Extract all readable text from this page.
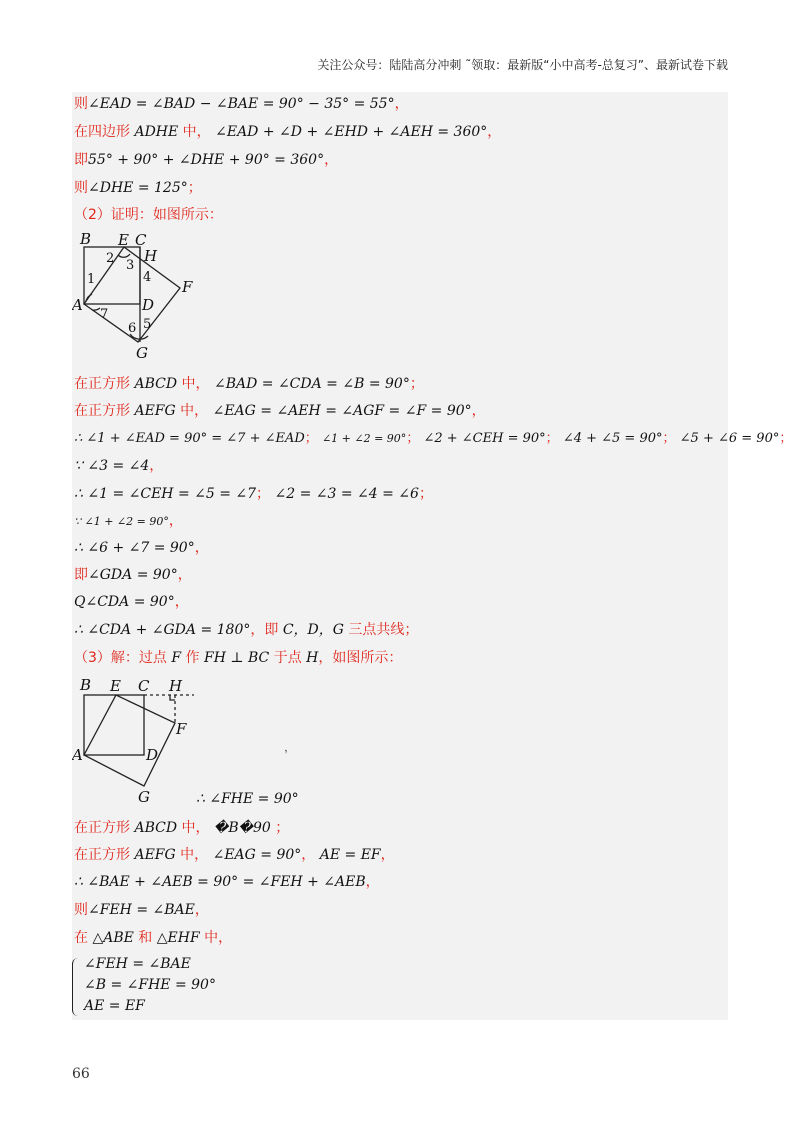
关注公众号：陆陆高分冲刺 ˜领取：最新版“小中高考-总复习”、最新试卷下载
则∠EAD = ∠BAD − ∠BAE = 90° − 35° = 55°，
在四边形 ADHE 中， ∠EAD + ∠D + ∠EHD + ∠AEH = 360°，
即55° + 90° + ∠DHE + 90° = 360°，
则∠DHE = 125°；
（2）证明：如图所示：
B E C
H
A	D
F
G
1
2 3
4
5
6
7
在正方形 ABCD 中， ∠BAD = ∠CDA = ∠B = 90°；
在正方形 AEFG 中， ∠EAG = ∠AEH = ∠AGF = ∠F = 90°，
∴ ∠1 + ∠EAD = 90° = ∠7 + ∠EAD； ∠1 + ∠2 = 90°； ∠2 + ∠CEH = 90°； ∠4 + ∠5 = 90°； ∠5 + ∠6 = 90°；
∵ ∠3 = ∠4，
∴ ∠1 = ∠CEH = ∠5 = ∠7； ∠2 = ∠3 = ∠4 = ∠6；
∵ ∠1 + ∠2 = 90°，
∴ ∠6 + ∠7 = 90°，
即∠GDA = 90°，
Q∠CDA = 90°，
∴ ∠CDA + ∠GDA = 180°，即 C，D，G 三点共线；
（3）解：过点 F 作 FH ⊥ BC 于点 H，如图所示：
B E C H
A	D
F
G
，
∴ ∠FHE = 90°
在正方形 ABCD 中， �B�90 ；
在正方形 AEFG 中， ∠EAG = 90°， AE = EF，
∴ ∠BAE + ∠AEB = 90° = ∠FEH + ∠AEB，
则∠FEH = ∠BAE，
在 △ABE 和 △EHF 中，
∠FEH = ∠BAE
∠B = ∠FHE = 90°
AE = EF
66
